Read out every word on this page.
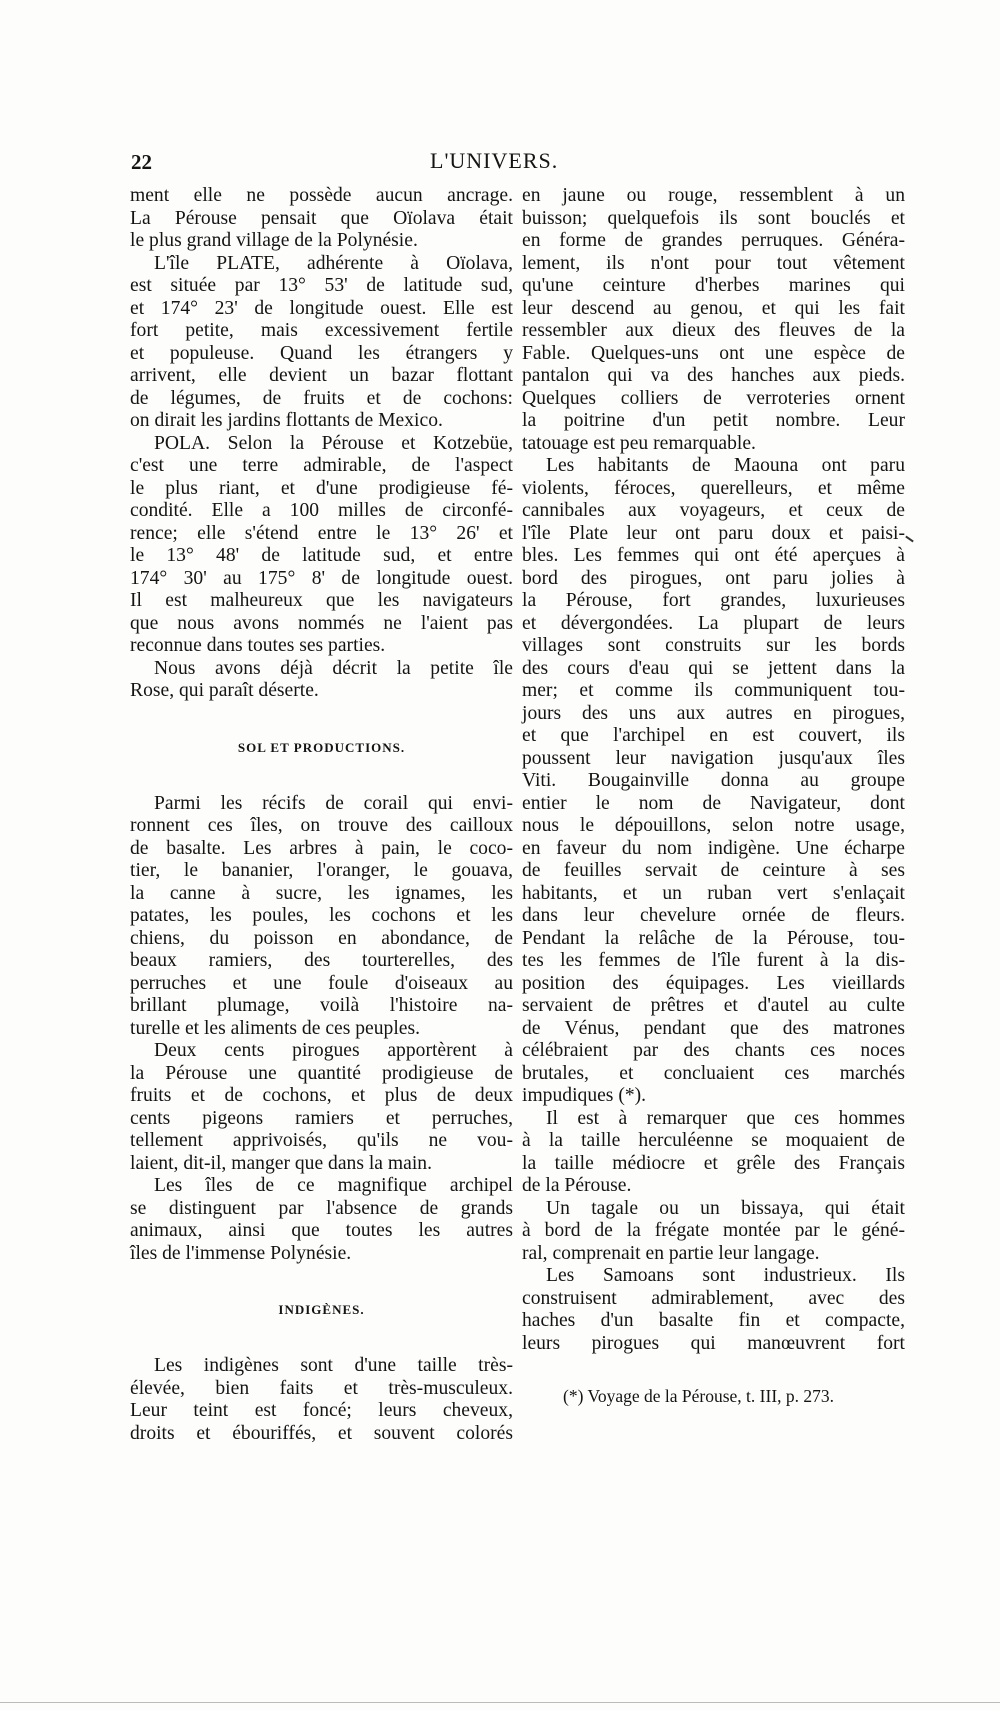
22	L'UNIVERS.
ment elle ne possède aucun ancrage.
La Pérouse pensait que Oïolava était
le plus grand village de la Polynésie.
L'île PLATE, adhérente à Oïolava,
est située par 13° 53' de latitude sud,
et 174° 23' de longitude ouest. Elle est
fort petite, mais excessivement fertile
et populeuse. Quand les étrangers y
arrivent, elle devient un bazar flottant
de légumes, de fruits et de cochons:
on dirait les jardins flottants de Mexico.
POLA. Selon la Pérouse et Kotzebüe,
c'est une terre admirable, de l'aspect
le plus riant, et d'une prodigieuse fé-
condité. Elle a 100 milles de circonfé-
rence; elle s'étend entre le 13° 26' et
le 13° 48' de latitude sud, et entre
174° 30' au 175° 8' de longitude ouest.
Il est malheureux que les navigateurs
que nous avons nommés ne l'aient pas
reconnue dans toutes ses parties.
Nous avons déjà décrit la petite île
Rose, qui paraît déserte.
SOL ET PRODUCTIONS.
Parmi les récifs de corail qui envi-
ronnent ces îles, on trouve des cailloux
de basalte. Les arbres à pain, le coco-
tier, le bananier, l'oranger, le gouava,
la canne à sucre, les ignames, les
patates, les poules, les cochons et les
chiens, du poisson en abondance, de
beaux ramiers, des tourterelles, des
perruches et une foule d'oiseaux au
brillant plumage, voilà l'histoire na-
turelle et les aliments de ces peuples.
Deux cents pirogues apportèrent à
la Pérouse une quantité prodigieuse de
fruits et de cochons, et plus de deux
cents pigeons ramiers et perruches,
tellement apprivoisés, qu'ils ne vou-
laient, dit-il, manger que dans la main.
Les îles de ce magnifique archipel
se distinguent par l'absence de grands
animaux, ainsi que toutes les autres
îles de l'immense Polynésie.
INDIGÈNES.
Les indigènes sont d'une taille très-
élevée, bien faits et très-musculeux.
Leur teint est foncé; leurs cheveux,
droits et ébouriffés, et souvent colorés
en jaune ou rouge, ressemblent à un
buisson; quelquefois ils sont bouclés et
en forme de grandes perruques. Généra-
lement, ils n'ont pour tout vêtement
qu'une ceinture d'herbes marines qui
leur descend au genou, et qui les fait
ressembler aux dieux des fleuves de la
Fable. Quelques-uns ont une espèce de
pantalon qui va des hanches aux pieds.
Quelques colliers de verroteries ornent
la poitrine d'un petit nombre. Leur
tatouage est peu remarquable.
Les habitants de Maouna ont paru
violents, féroces, querelleurs, et même
cannibales aux voyageurs, et ceux de
l'île Plate leur ont paru doux et paisi-
bles. Les femmes qui ont été aperçues à
bord des pirogues, ont paru jolies à
la Pérouse, fort grandes, luxurieuses
et dévergondées. La plupart de leurs
villages sont construits sur les bords
des cours d'eau qui se jettent dans la
mer; et comme ils communiquent tou-
jours des uns aux autres en pirogues,
et que l'archipel en est couvert, ils
poussent leur navigation jusqu'aux îles
Viti. Bougainville donna au groupe
entier le nom de Navigateur, dont
nous le dépouillons, selon notre usage,
en faveur du nom indigène. Une écharpe
de feuilles servait de ceinture à ses
habitants, et un ruban vert s'enlaçait
dans leur chevelure ornée de fleurs.
Pendant la relâche de la Pérouse, tou-
tes les femmes de l'île furent à la dis-
position des équipages. Les vieillards
servaient de prêtres et d'autel au culte
de Vénus, pendant que des matrones
célébraient par des chants ces noces
brutales, et concluaient ces marchés
impudiques (*).
Il est à remarquer que ces hommes
à la taille herculéenne se moquaient de
la taille médiocre et grêle des Français
de la Pérouse.
Un tagale ou un bissaya, qui était
à bord de la frégate montée par le géné-
ral, comprenait en partie leur langage.
Les Samoans sont industrieux. Ils
construisent admirablement, avec des
haches d'un basalte fin et compacte,
leurs pirogues qui manœuvrent fort
(*) Voyage de la Pérouse, t. III, p. 273.
